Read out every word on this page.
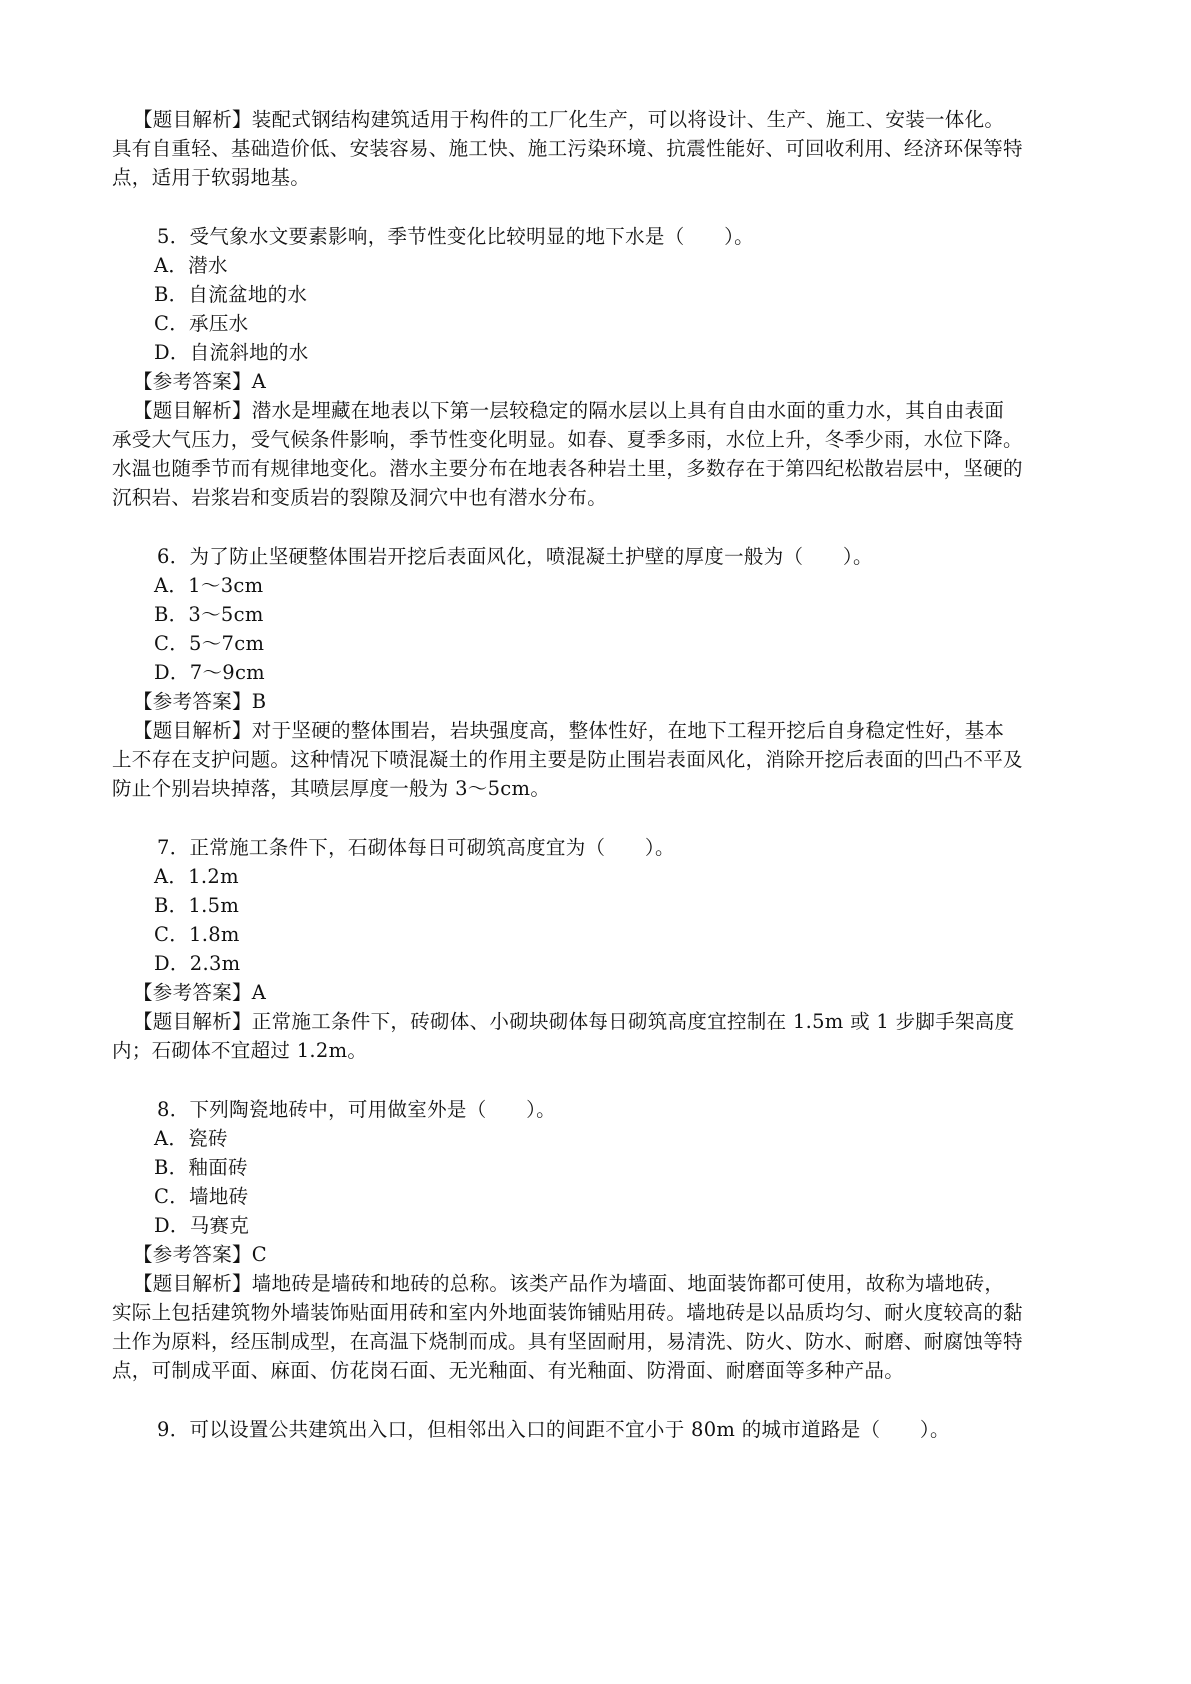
【题目解析】装配式钢结构建筑适用于构件的工厂化生产，可以将设计、生产、施工、安装一体化。
具有自重轻、基础造价低、安装容易、施工快、施工污染环境、抗震性能好、可回收利用、经济环保等特
点，适用于软弱地基。
5．受气象水文要素影响，季节性变化比较明显的地下水是（　　）。
A．潜水
B．自流盆地的水
C．承压水
D．自流斜地的水
【参考答案】A
【题目解析】潜水是埋藏在地表以下第一层较稳定的隔水层以上具有自由水面的重力水，其自由表面
承受大气压力，受气候条件影响，季节性变化明显。如春、夏季多雨，水位上升，冬季少雨，水位下降。
水温也随季节而有规律地变化。潜水主要分布在地表各种岩土里，多数存在于第四纪松散岩层中，坚硬的
沉积岩、岩浆岩和变质岩的裂隙及洞穴中也有潜水分布。
6．为了防止坚硬整体围岩开挖后表面风化，喷混凝土护壁的厚度一般为（　　）。
A．1～3cm
B．3～5cm
C．5～7cm
D．7～9cm
【参考答案】B
【题目解析】对于坚硬的整体围岩，岩块强度高，整体性好，在地下工程开挖后自身稳定性好，基本
上不存在支护问题。这种情况下喷混凝土的作用主要是防止围岩表面风化，消除开挖后表面的凹凸不平及
防止个别岩块掉落，其喷层厚度一般为 3～5cm。
7．正常施工条件下，石砌体每日可砌筑高度宜为（　　）。
A．1.2m
B．1.5m
C．1.8m
D．2.3m
【参考答案】A
【题目解析】正常施工条件下，砖砌体、小砌块砌体每日砌筑高度宜控制在 1.5m 或 1 步脚手架高度
内；石砌体不宜超过 1.2m。
8．下列陶瓷地砖中，可用做室外是（　　）。
A．瓷砖
B．釉面砖
C．墙地砖
D．马赛克
【参考答案】C
【题目解析】墙地砖是墙砖和地砖的总称。该类产品作为墙面、地面装饰都可使用，故称为墙地砖，
实际上包括建筑物外墙装饰贴面用砖和室内外地面装饰铺贴用砖。墙地砖是以品质均匀、耐火度较高的黏
土作为原料，经压制成型，在高温下烧制而成。具有坚固耐用，易清洗、防火、防水、耐磨、耐腐蚀等特
点，可制成平面、麻面、仿花岗石面、无光釉面、有光釉面、防滑面、耐磨面等多种产品。
9．可以设置公共建筑出入口，但相邻出入口的间距不宜小于 80m 的城市道路是（　　）。
